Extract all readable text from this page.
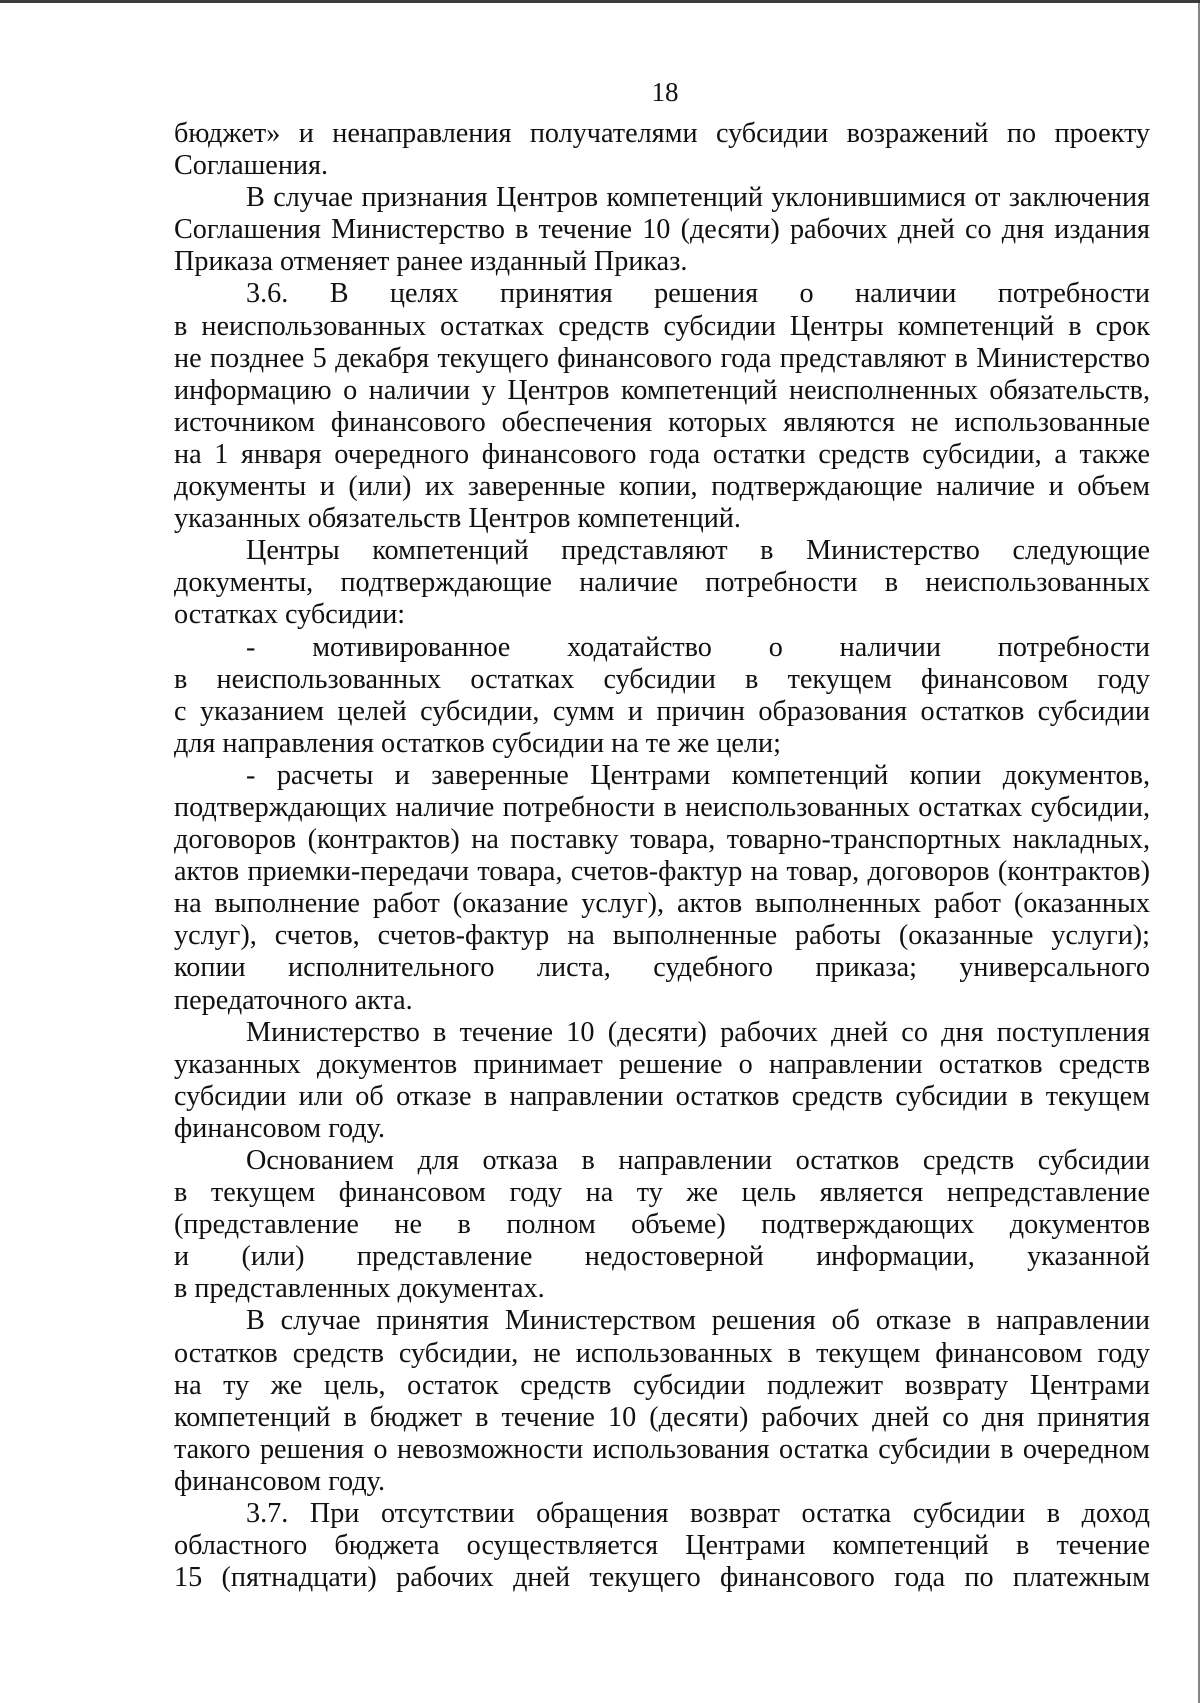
18
бюджет» и ненаправления получателями субсидии возражений по проекту
Соглашения.
В случае признания Центров компетенций уклонившимися от заключения
Соглашения Министерство в течение 10 (десяти) рабочих дней со дня издания
Приказа отменяет ранее изданный Приказ.
3.6. В целях принятия решения о наличии потребности
в неиспользованных остатках средств субсидии Центры компетенций в срок
не позднее 5 декабря текущего финансового года представляют в Министерство
информацию о наличии у Центров компетенций неисполненных обязательств,
источником финансового обеспечения которых являются не использованные
на 1 января очередного финансового года остатки средств субсидии, а также
документы и (или) их заверенные копии, подтверждающие наличие и объем
указанных обязательств Центров компетенций.
Центры компетенций представляют в Министерство следующие
документы, подтверждающие наличие потребности в неиспользованных
остатках субсидии:
- мотивированное ходатайство о наличии потребности
в неиспользованных остатках субсидии в текущем финансовом году
с указанием целей субсидии, сумм и причин образования остатков субсидии
для направления остатков субсидии на те же цели;
- расчеты и заверенные Центрами компетенций копии документов,
подтверждающих наличие потребности в неиспользованных остатках субсидии,
договоров (контрактов) на поставку товара, товарно-транспортных накладных,
актов приемки-передачи товара, счетов-фактур на товар, договоров (контрактов)
на выполнение работ (оказание услуг), актов выполненных работ (оказанных
услуг), счетов, счетов-фактур на выполненные работы (оказанные услуги);
копии исполнительного листа, судебного приказа; универсального
передаточного акта.
Министерство в течение 10 (десяти) рабочих дней со дня поступления
указанных документов принимает решение о направлении остатков средств
субсидии или об отказе в направлении остатков средств субсидии в текущем
финансовом году.
Основанием для отказа в направлении остатков средств субсидии
в текущем финансовом году на ту же цель является непредставление
(представление не в полном объеме) подтверждающих документов
и (или) представление недостоверной информации, указанной
в представленных документах.
В случае принятия Министерством решения об отказе в направлении
остатков средств субсидии, не использованных в текущем финансовом году
на ту же цель, остаток средств субсидии подлежит возврату Центрами
компетенций в бюджет в течение 10 (десяти) рабочих дней со дня принятия
такого решения о невозможности использования остатка субсидии в очередном
финансовом году.
3.7. При отсутствии обращения возврат остатка субсидии в доход
областного бюджета осуществляется Центрами компетенций в течение
15 (пятнадцати) рабочих дней текущего финансового года по платежным
